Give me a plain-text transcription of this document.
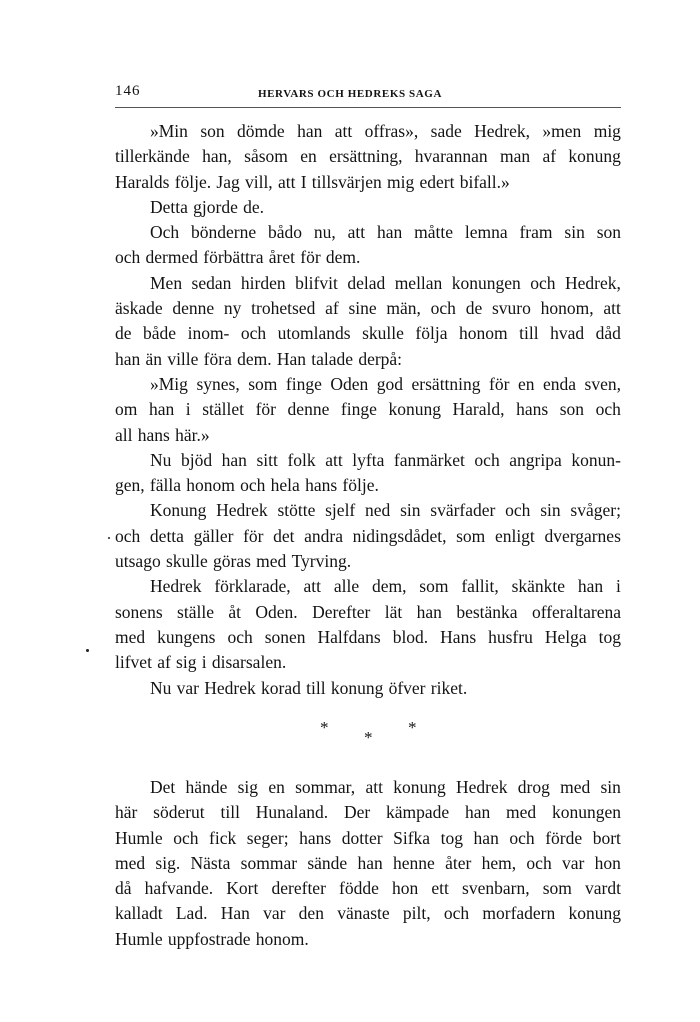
146	HERVARS OCH HEDREKS SAGA
»Min son dömde han att offras», sade Hedrek, »men mig
tillerkände han, såsom en ersättning, hvarannan man af konung
Haralds följe. Jag vill, att I tillsvärjen mig edert bifall.»
Detta gjorde de.
Och bönderne bådo nu, att han måtte lemna fram sin son
och dermed förbättra året för dem.
Men sedan hirden blifvit delad mellan konungen och Hedrek,
äskade denne ny trohetsed af sine män, och de svuro honom, att
de både inom- och utomlands skulle följa honom till hvad dåd
han än ville föra dem. Han talade derpå:
»Mig synes, som finge Oden god ersättning för en enda sven,
om han i stället för denne finge konung Harald, hans son och
all hans här.»
Nu bjöd han sitt folk att lyfta fanmärket och angripa konun-
gen, fälla honom och hela hans följe.
Konung Hedrek stötte sjelf ned sin svärfader och sin svåger;
och detta gäller för det andra nidingsdådet, som enligt dvergarnes
utsago skulle göras med Tyrving.
Hedrek förklarade, att alle dem, som fallit, skänkte han i
sonens ställe åt Oden. Derefter lät han bestänka offeraltarena
med kungens och sonen Halfdans blod. Hans husfru Helga tog
lifvet af sig i disarsalen.
Nu var Hedrek korad till konung öfver riket.
*
*
*
Det hände sig en sommar, att konung Hedrek drog med sin
här söderut till Hunaland. Der kämpade han med konungen
Humle och fick seger; hans dotter Sifka tog han och förde bort
med sig. Nästa sommar sände han henne åter hem, och var hon
då hafvande. Kort derefter födde hon ett svenbarn, som vardt
kalladt Lad. Han var den vänaste pilt, och morfadern konung
Humle uppfostrade honom.
